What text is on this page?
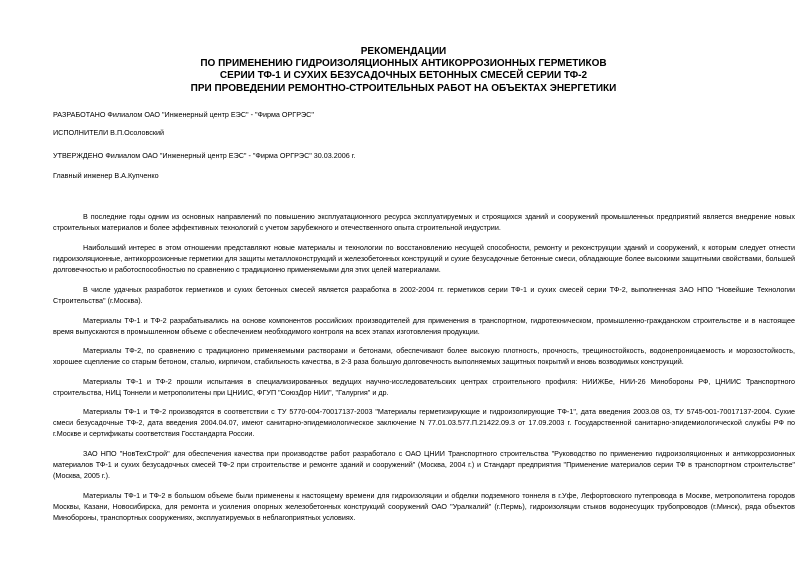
РЕКОМЕНДАЦИИ
ПО ПРИМЕНЕНИЮ ГИДРОИЗОЛЯЦИОННЫХ АНТИКОРРОЗИОННЫХ ГЕРМЕТИКОВ
СЕРИИ ТФ-1 И СУХИХ БЕЗУСАДОЧНЫХ БЕТОННЫХ СМЕСЕЙ СЕРИИ ТФ-2
ПРИ ПРОВЕДЕНИИ РЕМОНТНО-СТРОИТЕЛЬНЫХ РАБОТ НА ОБЪЕКТАХ ЭНЕРГЕТИКИ
РАЗРАБОТАНО Филиалом ОАО "Инженерный центр ЕЭС" - "Фирма ОРГРЭС"
ИСПОЛНИТЕЛИ В.П.Осоловский
УТВЕРЖДЕНО Филиалом ОАО "Инженерный центр ЕЭС" - "Фирма ОРГРЭС" 30.03.2006 г.
Главный инженер В.А.Купченко

В последние годы одним из основных направлений по повышению эксплуатационного ресурса эксплуатируемых и строящихся зданий и сооружений промышленных предприятий является внедрение новых строительных материалов и более эффективных технологий с учетом зарубежного и отечественного опыта строительной индустрии.

Наибольший интерес в этом отношении представляют новые материалы и технологии по восстановлению несущей способности, ремонту и реконструкции зданий и сооружений, к которым следует отнести гидроизоляционные, антикоррозионные герметики для защиты металлоконструкций и железобетонных конструкций и сухие безусадочные бетонные смеси, обладающие более высокими защитными свойствами, большей долговечностью и работоспособностью по сравнению с традиционно применяемыми для этих целей материалами.

В числе удачных разработок герметиков и сухих бетонных смесей является разработка в 2002-2004 гг. герметиков серии ТФ-1 и сухих смесей серии ТФ-2, выполненная ЗАО НПО "Новейшие Технологии Строительства" (г.Москва).

Материалы ТФ-1 и ТФ-2 разрабатывались на основе компонентов российских производителей для применения в транспортном, гидротехническом, промышленно-гражданском строительстве и в настоящее время выпускаются в промышленном объеме с обеспечением необходимого контроля на всех этапах изготовления продукции.

Материалы ТФ-2, по сравнению с традиционно применяемыми растворами и бетонами, обеспечивают более высокую плотность, прочность, трещиностойкость, водонепроницаемость и морозостойкость, хорошее сцепление со старым бетоном, сталью, кирпичом, стабильность качества, в 2-3 раза большую долговечность выполняемых защитных покрытий и вновь возводимых конструкций.

Материалы ТФ-1 и ТФ-2 прошли испытания в специализированных ведущих научно-исследовательских центрах строительного профиля: НИИЖБе, НИИ-26 Минобороны РФ, ЦНИИС Транспортного строительства, НИЦ Тоннели и метрополитены при ЦНИИС, ФГУП "СоюзДор НИИ", "Галургия" и др.

Материалы ТФ-1 и ТФ-2 производятся в соответствии с ТУ 5770-004-70017137-2003 "Материалы герметизирующие и гидроизолирующие ТФ-1", дата введения 2003.08 03, ТУ 5745-001-70017137-2004. Сухие смеси безусадочные ТФ-2, дата введения 2004.04.07, имеют санитарно-эпидемиологическое заключение N 77.01.03.577.П.21422.09.3 от 17.09.2003 г. Государственной санитарно-эпидемиологической службы РФ по г.Москве и сертификаты соответствия Госстандарта России.

ЗАО НПО "НовТехСтрой" для обеспечения качества при производстве работ разработало с ОАО ЦНИИ Транспортного строительства "Руководство по применению гидроизоляционных и антикоррозионных материалов ТФ-1 и сухих безусадочных смесей ТФ-2 при строительстве и ремонте зданий и сооружений" (Москва, 2004 г.) и Стандарт предприятия "Применение материалов серии ТФ в транспортном строительстве" (Москва, 2005 г.).

Материалы ТФ-1 и ТФ-2 в большом объеме были применены к настоящему времени для гидроизоляции и обделки подземного тоннеля в г.Уфе, Лефортовского путепровода в Москве, метрополитена городов Москвы, Казани, Новосибирска, для ремонта и усиления опорных железобетонных конструкций сооружений ОАО "Уралкалий" (г.Пермь), гидроизоляции стыков водонесущих трубопроводов (г.Минск), ряда объектов Минобороны, транспортных сооружениях, эксплуатируемых в неблагоприятных условиях.
